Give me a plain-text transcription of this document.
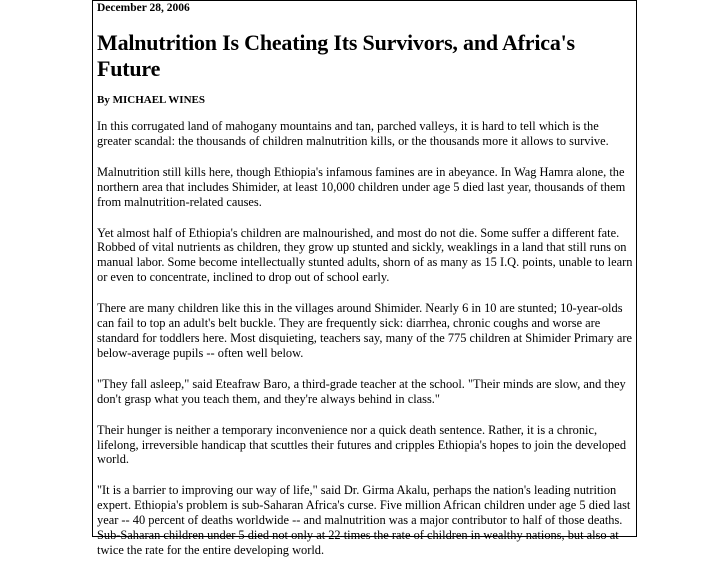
December 28, 2006
Malnutrition Is Cheating Its Survivors, and Africa's Future
By MICHAEL WINES

In this corrugated land of mahogany mountains and tan, parched valleys, it is hard to tell which is the greater scandal: the thousands of children malnutrition kills, or the thousands more it allows to survive.

Malnutrition still kills here, though Ethiopia's infamous famines are in abeyance. In Wag Hamra alone, the northern area that includes Shimider, at least 10,000 children under age 5 died last year, thousands of them from malnutrition-related causes.

Yet almost half of Ethiopia's children are malnourished, and most do not die. Some suffer a different fate. Robbed of vital nutrients as children, they grow up stunted and sickly, weaklings in a land that still runs on manual labor. Some become intellectually stunted adults, shorn of as many as 15 I.Q. points, unable to learn or even to concentrate, inclined to drop out of school early.

There are many children like this in the villages around Shimider. Nearly 6 in 10 are stunted; 10-year-olds can fail to top an adult's belt buckle. They are frequently sick: diarrhea, chronic coughs and worse are standard for toddlers here. Most disquieting, teachers say, many of the 775 children at Shimider Primary are below-average pupils -- often well below.

"They fall asleep," said Eteafraw Baro, a third-grade teacher at the school. "Their minds are slow, and they don't grasp what you teach them, and they're always behind in class."

Their hunger is neither a temporary inconvenience nor a quick death sentence. Rather, it is a chronic, lifelong, irreversible handicap that scuttles their futures and cripples Ethiopia's hopes to join the developed world.

"It is a barrier to improving our way of life," said Dr. Girma Akalu, perhaps the nation's leading nutrition expert. Ethiopia's problem is sub-Saharan Africa's curse. Five million African children under age 5 died last year -- 40 percent of deaths worldwide -- and malnutrition was a major contributor to half of those deaths. Sub-Saharan children under 5 died not only at 22 times the rate of children in wealthy nations, but also at twice the rate for the entire developing world.
